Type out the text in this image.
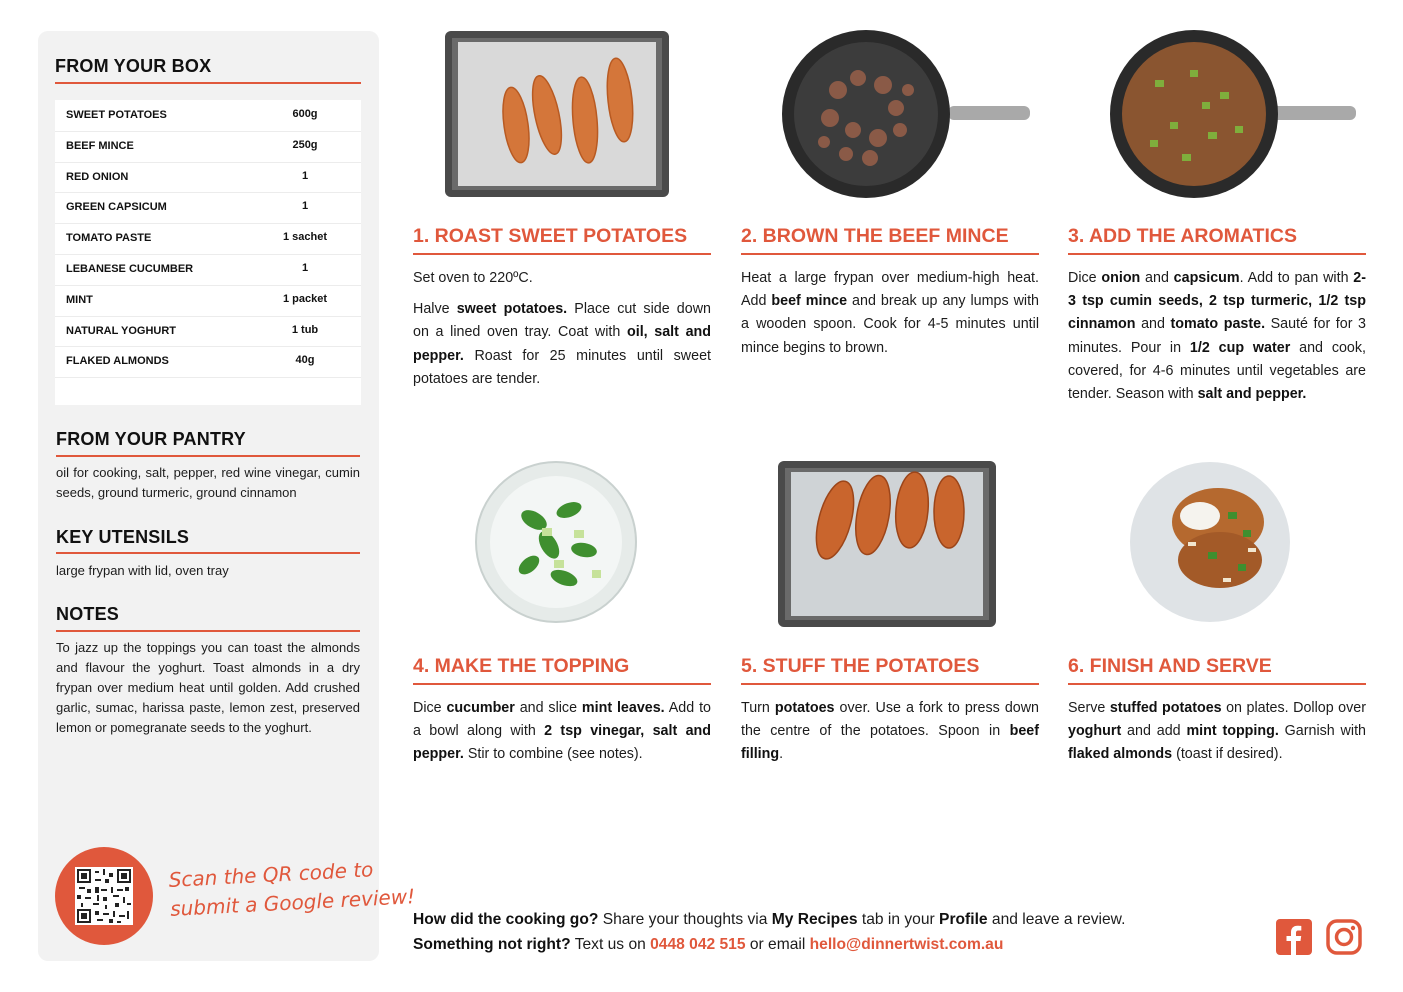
FROM YOUR BOX
SWEET POTATOES	600g
BEEF MINCE	250g
RED ONION	1
GREEN CAPSICUM	1
TOMATO PASTE	1 sachet
LEBANESE CUCUMBER	1
MINT	1 packet
NATURAL YOGHURT	1 tub
FLAKED ALMONDS	40g
FROM YOUR PANTRY
oil for cooking, salt, pepper, red wine vinegar, cumin seeds, ground turmeric, ground cinnamon
KEY UTENSILS
large frypan with lid, oven tray
NOTES
To jazz up the toppings you can toast the almonds and flavour the yoghurt. Toast almonds in a dry frypan over medium heat until golden. Add crushed garlic, sumac, harissa paste, lemon zest, preserved lemon or pomegranate seeds to the yoghurt.
Scan the QR code to
submit a Google review!
1. ROAST SWEET POTATOES	2. BROWN THE BEEF MINCE	3. ADD THE AROMATICS

Set oven to 220ºC.

Halve sweet potatoes. Place cut side down on a lined oven tray. Coat with oil, salt and pepper. Roast for 25 minutes until sweet potatoes are tender.

Heat a large frypan over medium-high heat. Add beef mince and break up any lumps with a wooden spoon. Cook for 4-5 minutes until mince begins to brown.

Dice onion and capsicum. Add to pan with 2-3 tsp cumin seeds, 2 tsp turmeric, 1/2 tsp cinnamon and tomato paste. Sauté for for 3 minutes. Pour in 1/2 cup water and cook, covered, for 4-6 minutes until vegetables are tender. Season with salt and pepper.

4. MAKE THE TOPPING	5. STUFF THE POTATOES	6. FINISH AND SERVE

Dice cucumber and slice mint leaves. Add to a bowl along with 2 tsp vinegar, salt and pepper. Stir to combine (see notes).

Turn potatoes over. Use a fork to press down the centre of the potatoes. Spoon in beef filling.

Serve stuffed potatoes on plates. Dollop over yoghurt and add mint topping. Garnish with flaked almonds (toast if desired).

How did the cooking go? Share your thoughts via My Recipes tab in your Profile and leave a review.
Something not right? Text us on 0448 042 515 or email hello@dinnertwist.com.au
